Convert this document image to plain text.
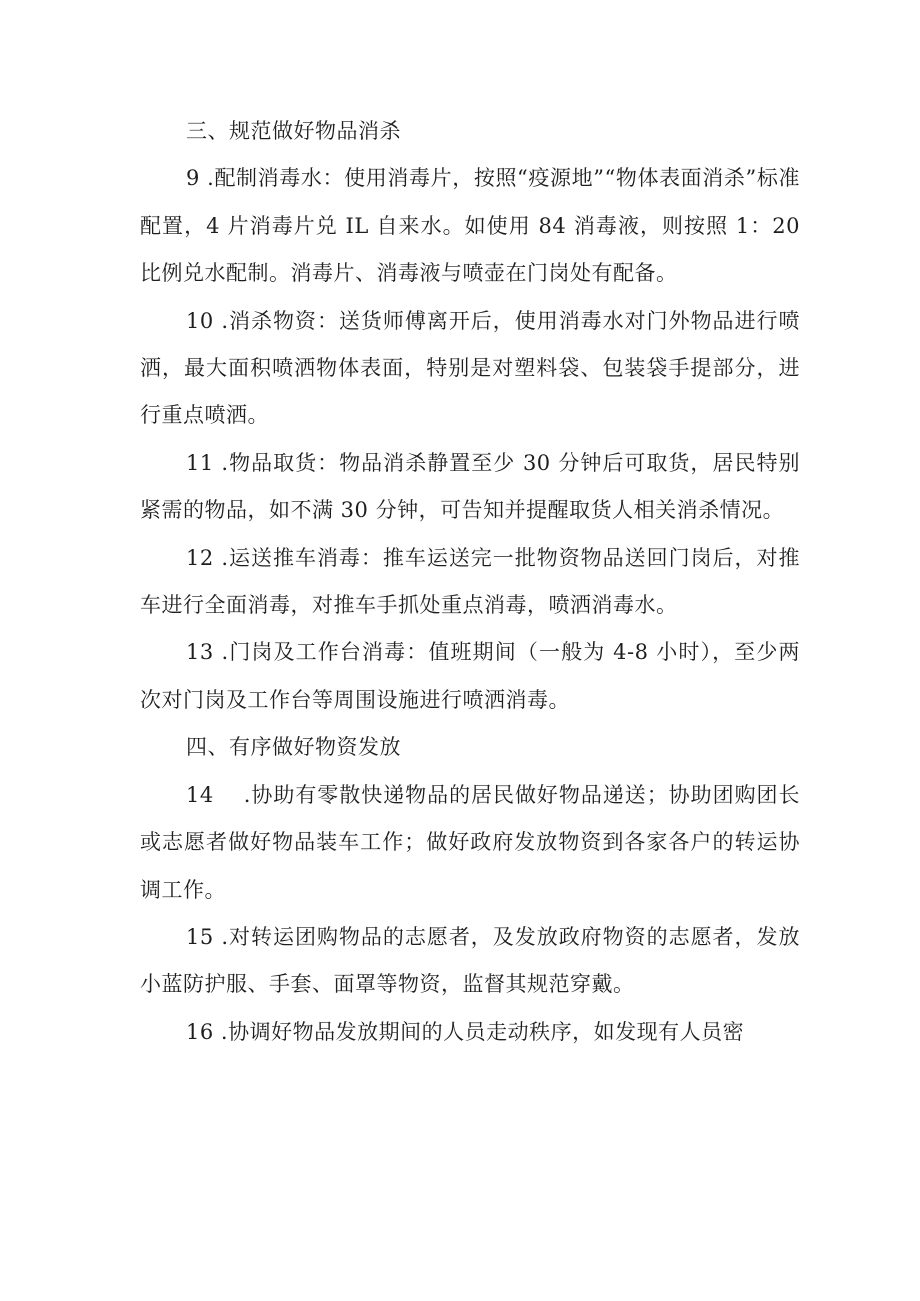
三、规范做好物品消杀

9 .配制消毒水：使用消毒片，按照“疫源地”“物体表面消杀”标准配置，4 片消毒片兑 IL 自来水。如使用 84 消毒液，则按照 1：20 比例兑水配制。消毒片、消毒液与喷壶在门岗处有配备。

10 .消杀物资：送货师傅离开后，使用消毒水对门外物品进行喷洒，最大面积喷洒物体表面，特别是对塑料袋、包装袋手提部分，进行重点喷洒。

11 .物品取货：物品消杀静置至少 30 分钟后可取货，居民特别紧需的物品，如不满 30 分钟，可告知并提醒取货人相关消杀情况。

12 .运送推车消毒：推车运送完一批物资物品送回门岗后，对推车进行全面消毒，对推车手抓处重点消毒，喷洒消毒水。

13 .门岗及工作台消毒：值班期间（一般为 4-8 小时），至少两次对门岗及工作台等周围设施进行喷洒消毒。

四、有序做好物资发放

14　 .协助有零散快递物品的居民做好物品递送；协助团购团长或志愿者做好物品装车工作；做好政府发放物资到各家各户的转运协调工作。

15 .对转运团购物品的志愿者，及发放政府物资的志愿者，发放小蓝防护服、手套、面罩等物资，监督其规范穿戴。

16 .协调好物品发放期间的人员走动秩序，如发现有人员密
